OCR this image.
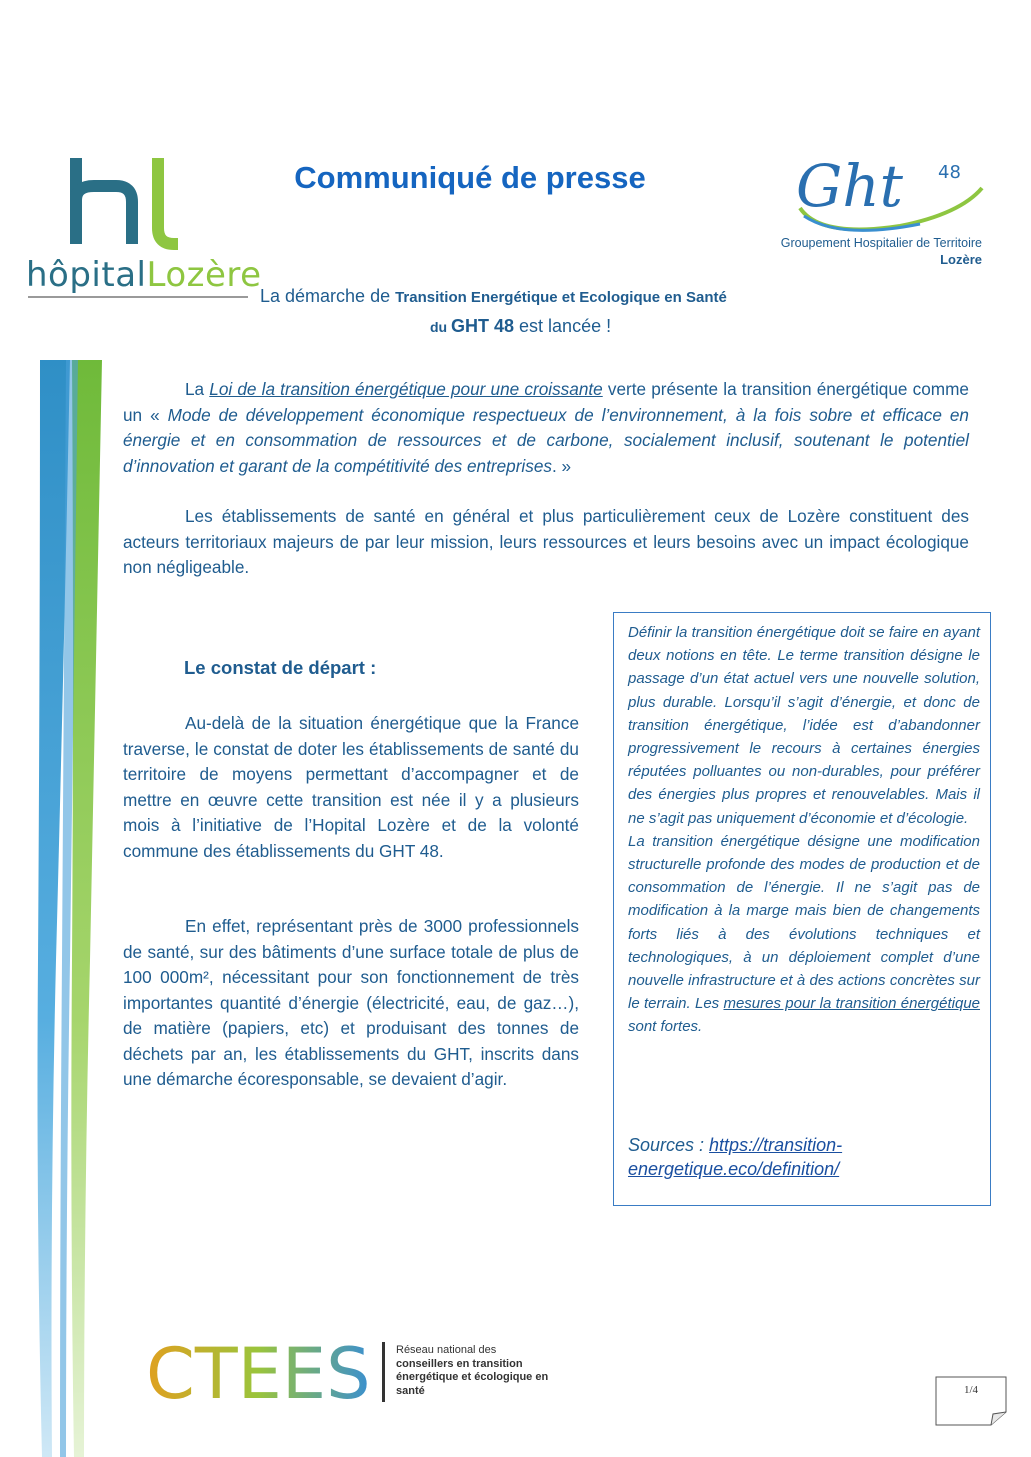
hôpitalLozère
Communiqué de presse	Ght 48
Groupement Hospitalier de Territoire
Lozère
La démarche de Transition Energétique et Ecologique en Santé
du GHT 48 est lancée !
La Loi de la transition énergétique pour une croissante verte présente la transition énergétique comme un « Mode de développement économique respectueux de l’environnement, à la fois sobre et efficace en énergie et en consommation de ressources et de carbone, socialement inclusif, soutenant le potentiel d’innovation et garant de la compétitivité des entreprises. »
Les établissements de santé en général et plus particulièrement ceux de Lozère constituent des acteurs territoriaux majeurs de par leur mission, leurs ressources et leurs besoins avec un impact écologique non négligeable.
Le constat de départ :
Au-delà de la situation énergétique que la France traverse, le constat de doter les établissements de santé du territoire de moyens permettant d’accompagner et de mettre en œuvre cette transition est née il y a plusieurs mois à l’initiative de l’Hopital Lozère et de la volonté commune des établissements du GHT 48.
En effet, représentant près de 3000 professionnels de santé, sur des bâtiments d’une surface totale de plus de 100 000m², nécessitant pour son fonctionnement de très importantes quantité d’énergie (électricité, eau, de gaz…), de matière (papiers, etc) et produisant des tonnes de déchets par an, les établissements du GHT, inscrits dans une démarche écoresponsable, se devaient d’agir.
Définir la transition énergétique doit se faire en ayant deux notions en tête. Le terme transition désigne le passage d’un état actuel vers une nouvelle solution, plus durable. Lorsqu’il s’agit d’énergie, et donc de transition énergétique, l’idée est d’abandonner progressivement le recours à certaines énergies réputées polluantes ou non-durables, pour préférer des énergies plus propres et renouvelables. Mais il ne s’agit pas uniquement d’économie et d’écologie.
La transition énergétique désigne une modification structurelle profonde des modes de production et de consommation de l’énergie. Il ne s’agit pas de modification à la marge mais bien de changements forts liés à des évolutions techniques et technologiques, à un déploiement complet d’une nouvelle infrastructure et à des actions concrètes sur le terrain. Les mesures pour la transition énergétique sont fortes.
Sources : https://transition-energetique.eco/definition/
CTEES Réseau national des
conseillers en transition énergétique et écologique en santé	1/4
